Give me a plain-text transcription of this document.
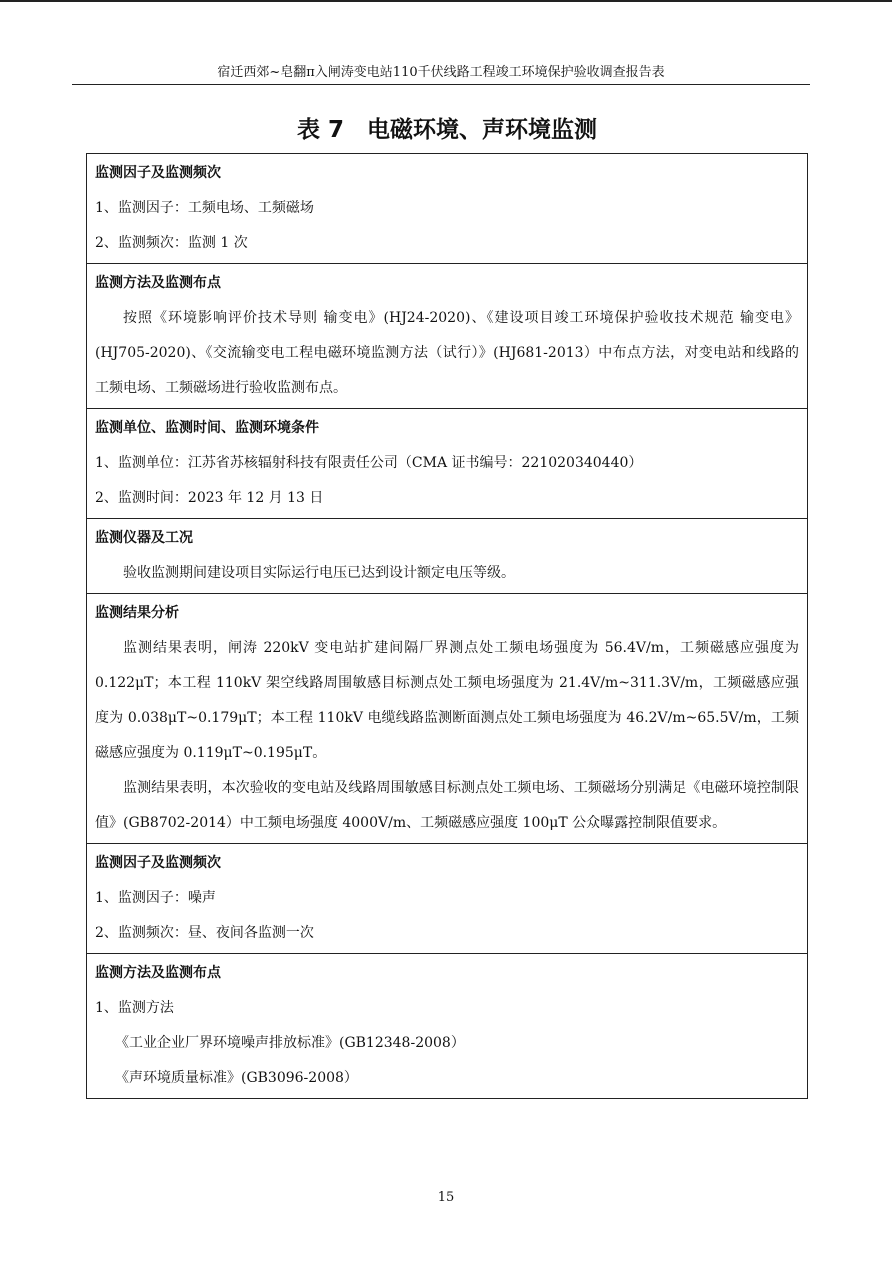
宿迁西郊~皂翻π入闸涛变电站110千伏线路工程竣工环境保护验收调查报告表
表 7　电磁环境、声环境监测
监测因子及监测频次
1、监测因子：工频电场、工频磁场
2、监测频次：监测 1 次
监测方法及监测布点

按照《环境影响评价技术导则 输变电》(HJ24-2020)、《建设项目竣工环境保护验收技术规范 输变电》(HJ705-2020)、《交流输变电工程电磁环境监测方法（试行）》(HJ681-2013）中布点方法，对变电站和线路的工频电场、工频磁场进行验收监测布点。

监测单位、监测时间、监测环境条件
1、监测单位：江苏省苏核辐射科技有限责任公司（CMA 证书编号：221020340440）
2、监测时间：2023 年 12 月 13 日
监测仪器及工况

验收监测期间建设项目实际运行电压已达到设计额定电压等级。

监测结果分析

监测结果表明，闸涛 220kV 变电站扩建间隔厂界测点处工频电场强度为 56.4V/m，工频磁感应强度为 0.122μT；本工程 110kV 架空线路周围敏感目标测点处工频电场强度为 21.4V/m~311.3V/m，工频磁感应强度为 0.038μT~0.179μT；本工程 110kV 电缆线路监测断面测点处工频电场强度为 46.2V/m~65.5V/m，工频磁感应强度为 0.119μT~0.195μT。

监测结果表明，本次验收的变电站及线路周围敏感目标测点处工频电场、工频磁场分别满足《电磁环境控制限值》(GB8702-2014）中工频电场强度 4000V/m、工频磁感应强度 100μT 公众曝露控制限值要求。

监测因子及监测频次
1、监测因子：噪声
2、监测频次：昼、夜间各监测一次
监测方法及监测布点
1、监测方法
《工业企业厂界环境噪声排放标准》(GB12348-2008）
《声环境质量标准》(GB3096-2008）
15
